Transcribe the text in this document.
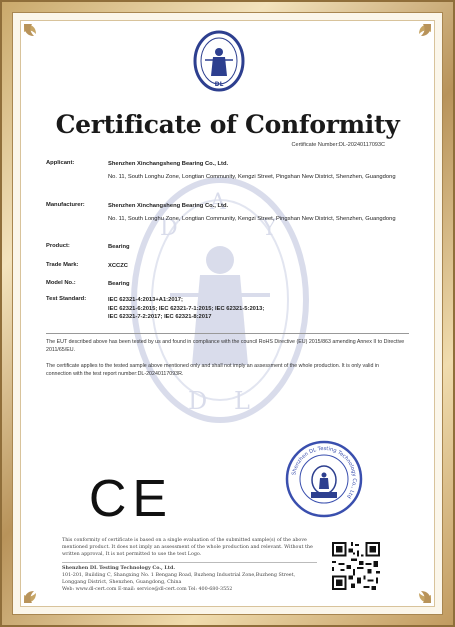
D
A
Y
D L
DL
Certificate of Conformity
Certificate Number:DL-20240117093C
Applicant:	Shenzhen Xinchangsheng Bearing Co., Ltd.
No. 11, South Longhu Zone, Longtian Community, Kengzi Street, Pingshan New District, Shenzhen, Guangdong
Manufacturer:	Shenzhen Xinchangsheng Bearing Co., Ltd.
No. 11, South Longhu Zone, Longtian Community, Kengzi Street, Pingshan New District, Shenzhen, Guangdong
Product:	Bearing
Trade Mark:	XCCZC
Model No.:	Bearing
Test Standard:	IEC 62321-4:2013+A1:2017;
IEC 62321-6:2015; IEC 62321-7-1:2015; IEC 62321-5:2013;
IEC 62321-7-2:2017; IEC 62321-8:2017
The EUT described above has been tested by us and found in compliance with the council RoHS Directive (EU) 2015/863 amending Annex II to Directive 2011/65/EU.
The certificate applies to the tested sample above mentioned only and shall not imply an assessment of the whole production. It is only valid in connection with the test report number:DL-20240117093R.
CE	Shenzhen DL Testing Technology Co., Ltd
This conformity of certificate is based on a single evaluation of the submitted sample(s) of the above mentioned product. It does not imply an assessment of the whole production and relevant. Without the written approval, It is not permitted to use the test Logo.
Shenzhen DL Testing Technology Co., Ltd.
101-201, Building C, Shangxing No. 1 Bengang Road, Buzheng Industrial Zone,Buzheng Street, Longgang District, Shenzhen, Guangdong, China
Web: www.dl-cert.com E-mail: service@dl-cert.com Tel: 400-680-3552
